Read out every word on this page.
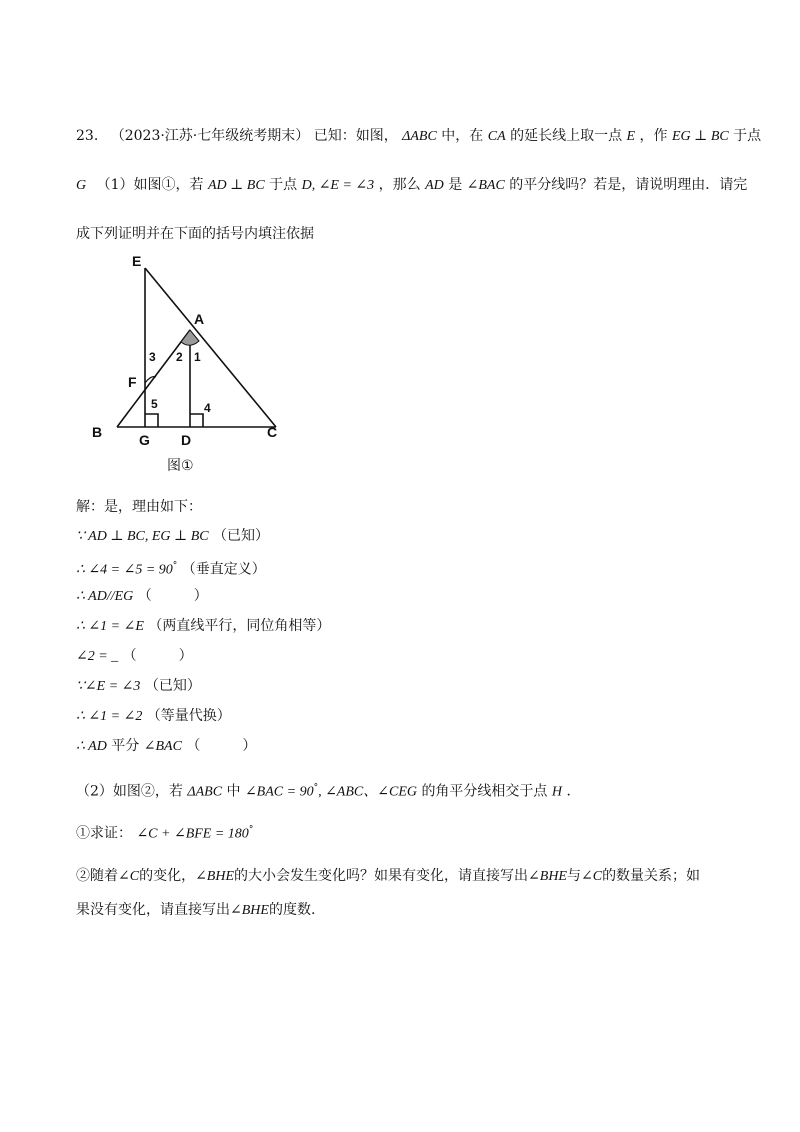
23. （2023·江苏·七年级统考期末） 已知：如图， ΔABC 中，在 CA 的延长线上取一点 E ，作 EG ⊥ BC 于点
G （1）如图①，若 AD ⊥ BC 于点 D, ∠E = ∠3 ，那么 AD 是 ∠BAC 的平分线吗？若是，请说明理由．请完
成下列证明并在下面的括号内填注依据
E
A
F
B	G D	C
1
2
3
4
5
图①
解：是，理由如下：
∵ AD ⊥ BC, EG ⊥ BC （已知）
∴ ∠4 = ∠5 = 90° （垂直定义）
∴ AD//EG （　　　）
∴ ∠1 = ∠E （两直线平行，同位角相等）
∠2 = _ （　　　）
∵∠E = ∠3 （已知）
∴ ∠1 = ∠2 （等量代换）
∴ AD 平分 ∠BAC （　　　）
（2）如图②，若 ΔABC 中 ∠BAC = 90°, ∠ABC、∠CEG 的角平分线相交于点 H ．
①求证： ∠C + ∠BFE = 180°
②随着∠C的变化，∠BHE的大小会发生变化吗？如果有变化，请直接写出∠BHE与∠C的数量关系；如
果没有变化，请直接写出∠BHE的度数.
